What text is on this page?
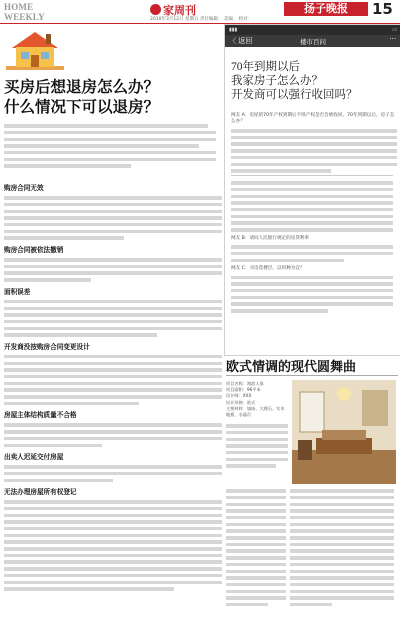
HOME WEEKLY	家周刊
2010年3月12日 星期五 责任编辑： 美编： 校对：
扬子晚报	15
买房后想退房怎么办？
什么情况下可以退房？
购房合同无效
购房合同被依法撤销
面积误差
开发商没按购房合同变更设计
房屋主体结构质量不合格
出卖人迟延交付房屋
无法办理房屋所有权登记
▮▮▮	▭
〈 返回	楼市百问	···
70年到期以后
我家房子怎么办？
开发商可以强行收回吗？
网友 A：房屋的70年产权到期后不续产权是否会被收回，70年到期以后，房子怎么办？
网友 B：请问人民银行规定的房贷利率
网友 C：买房选楼层，以何种为宜？
欧式情调的现代圆舞曲
项目名称：海滨人家
项目面积：96平米
设计师：XXX
设计风格：欧式
主要材料：墙纸、大理石、实木地板、水晶灯
